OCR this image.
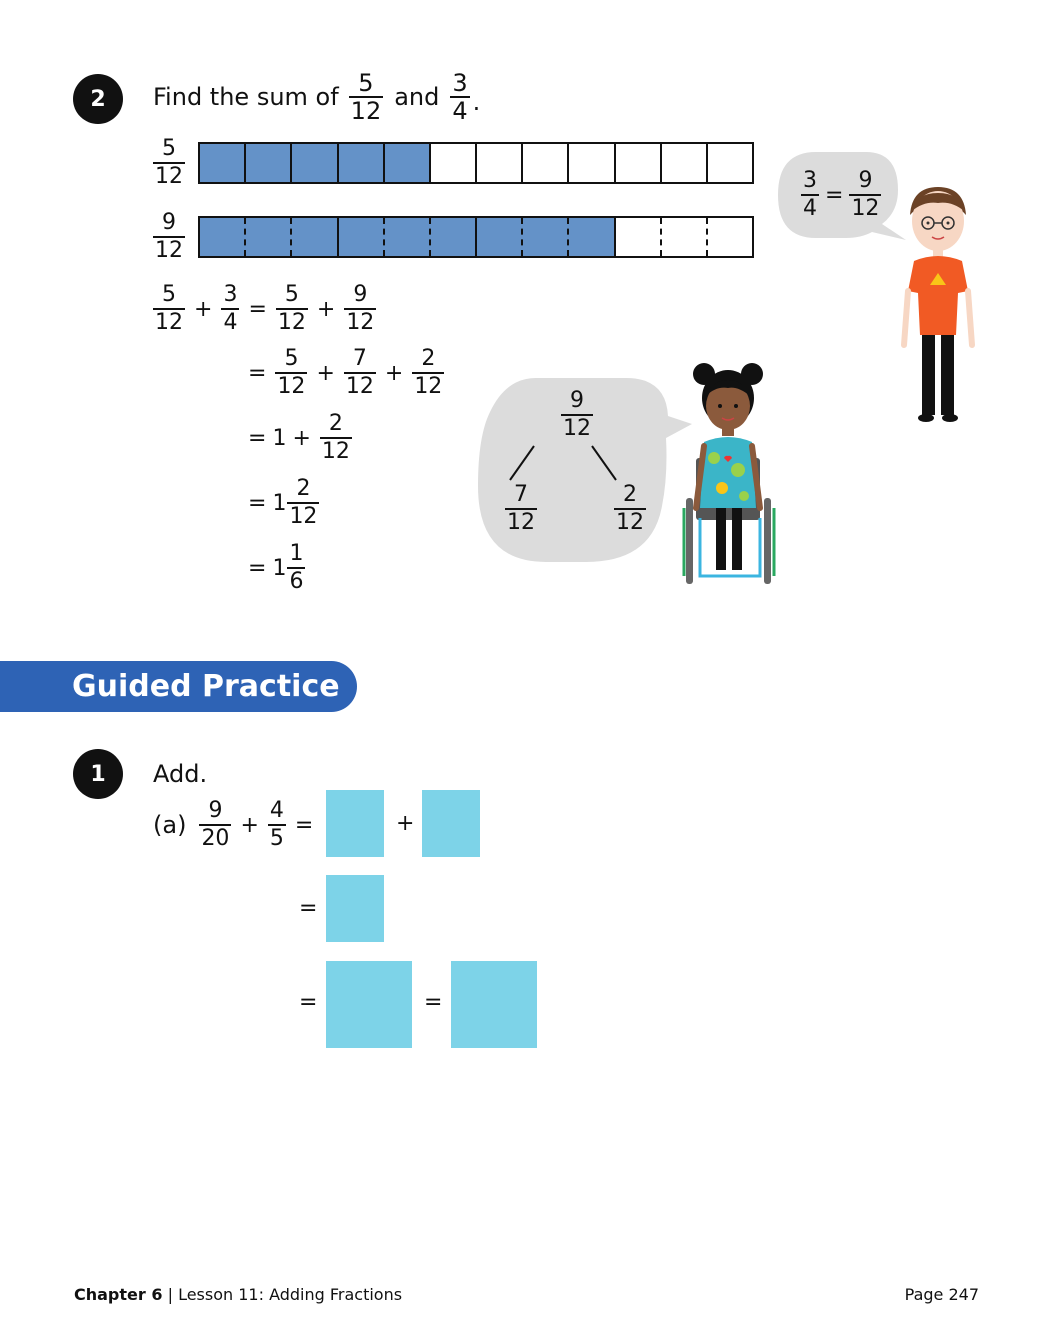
2 Find the sum of $\frac{5}{12}$ and $\frac{3}{4}$ .
$\frac{5}{12}$
$\frac{9}{12}$
$\frac{5}{12} + \frac{3}{4} = \frac{5}{12} + \frac{9}{12}$
= $\frac{5}{12} + \frac{7}{12} + \frac{2}{12}$
= $1 + \frac{2}{12}$
= $1 \frac{2}{12}$
= $1 \frac{1}{6}$
$\frac{3}{4} = \frac{9}{12}$
$\frac{9}{12}$
$\frac{7}{12}$	$\frac{2}{12}$
Guided Practice
1 Add.
$(a) \frac{9}{20} + \frac{4}{5}$ =	+
=
=	=
Chapter 6 | Lesson 11: Adding Fractions	Page 247
